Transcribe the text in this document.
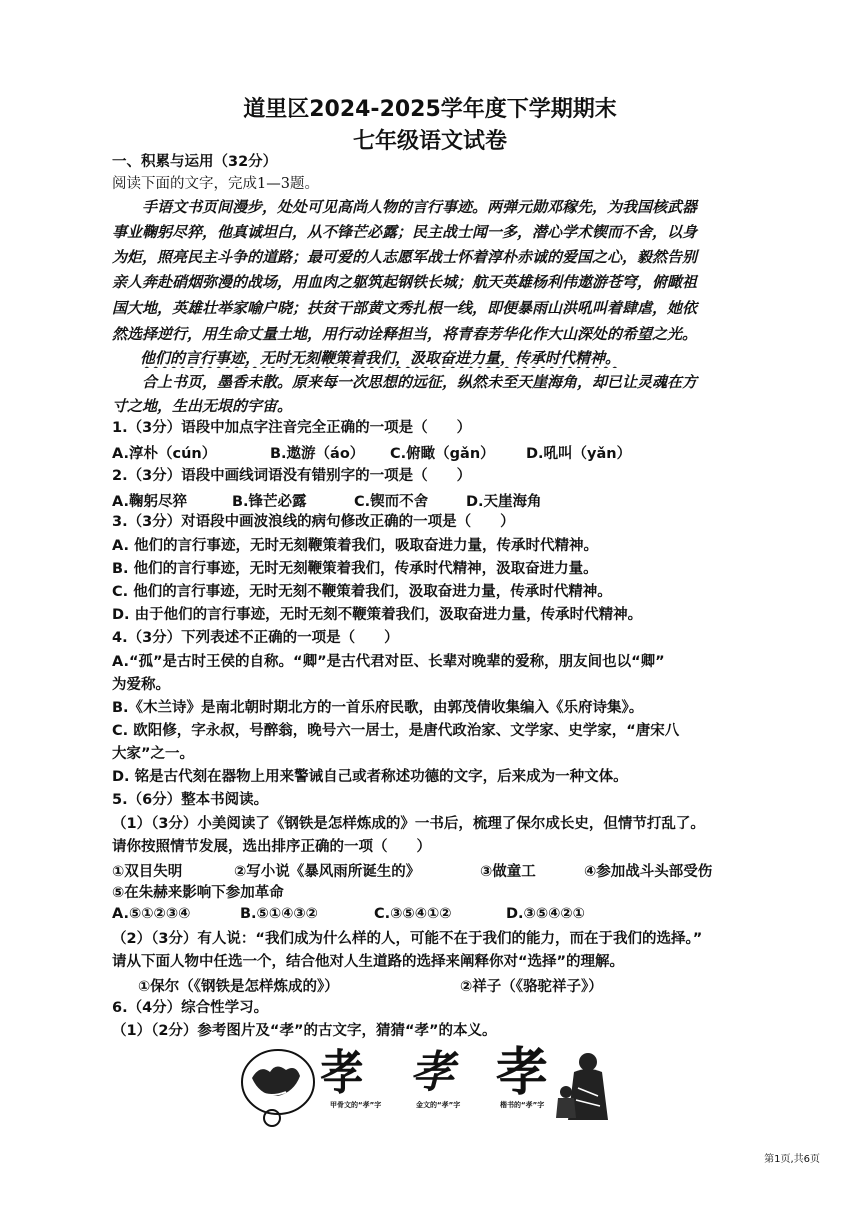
道里区2024-2025学年度下学期期末
七年级语文试卷
一、积累与运用（32分）
阅读下面的文字，完成1—3题。
　　手语文书页间漫步，处处可见高尚人物的言行事迹。两弹元勋邓稼先，为我国核武器
事业鞠躬尽猝，他真诚坦白，从不锋芒必露；民主战士闻一多，潜心学术锲而不舍，以身
为炬，照亮民主斗争的道路；最可爱的人志愿军战士怀着淳朴赤诚的爱国之心，毅然告别
亲人奔赴硝烟弥漫的战场，用血肉之躯筑起钢铁长城；航天英雄杨利伟遨游苍穹，俯瞰祖
国大地，英雄壮举家喻户晓；扶贫干部黄文秀扎根一线，即便暴雨山洪吼叫着肆虐，她依
然选择逆行，用生命丈量土地，用行动诠释担当，将青春芳华化作大山深处的希望之光。
他们的言行事迹，无时无刻鞭策着我们，汲取奋进力量，传承时代精神。
　　合上书页，墨香未散。原来每一次思想的远征，纵然未至天崖海角，却已让灵魂在方
寸之地，生出无垠的宇宙。
1.（3分）语段中加点字注音完全正确的一项是（　　）
A.淳朴（cún）	B.遨游（áo） C.俯瞰（gǎn） D.吼叫（yǎn）
2.（3分）语段中画线词语没有错别字的一项是（　　）
A.鞠躬尽猝	B.锋芒必露	C.锲而不舍	D.天崖海角
3.（3分）对语段中画波浪线的病句修改正确的一项是（　　）
A. 他们的言行事迹，无时无刻鞭策着我们，吸取奋进力量，传承时代精神。
B. 他们的言行事迹，无时无刻鞭策着我们，传承时代精神，汲取奋进力量。
C. 他们的言行事迹，无时无刻不鞭策着我们，汲取奋进力量，传承时代精神。
D. 由于他们的言行事迹，无时无刻不鞭策着我们，汲取奋进力量，传承时代精神。
4.（3分）下列表述不正确的一项是（　　）
A.“孤”是古时王侯的自称。“卿”是古代君对臣、长辈对晚辈的爱称，朋友间也以“卿”
为爱称。
B.《木兰诗》是南北朝时期北方的一首乐府民歌，由郭茂倩收集编入《乐府诗集》。
C. 欧阳修，字永叔，号醉翁，晚号六一居士，是唐代政治家、文学家、史学家，“唐宋八
大家”之一。
D. 铭是古代刻在器物上用来警诫自己或者称述功德的文字，后来成为一种文体。
5.（6分）整本书阅读。
（1）（3分）小美阅读了《钢铁是怎样炼成的》一书后，梳理了保尔成长史，但情节打乱了。
请你按照情节发展，选出排序正确的一项（　　）
①双目失明	②写小说《暴风雨所诞生的》	③做童工	④参加战斗头部受伤
⑤在朱赫来影响下参加革命
A.⑤①②③④	B.⑤①④③②	C.③⑤④①②	D.③⑤④②①
（2）（3分）有人说：“我们成为什么样的人，可能不在于我们的能力，而在于我们的选择。”
请从下面人物中任选一个，结合他对人生道路的选择来阐释你对“选择”的理解。
①保尔（《钢铁是怎样炼成的》）	②祥子（《骆驼祥子》）
6.（4分）综合性学习。
（1）（2分）参考图片及“孝”的古文字，猜猜“孝”的本义。
孝 孝 孝
甲骨文的“孝”字	金文的“孝”字	楷书的“孝”字
第1页,共6页
